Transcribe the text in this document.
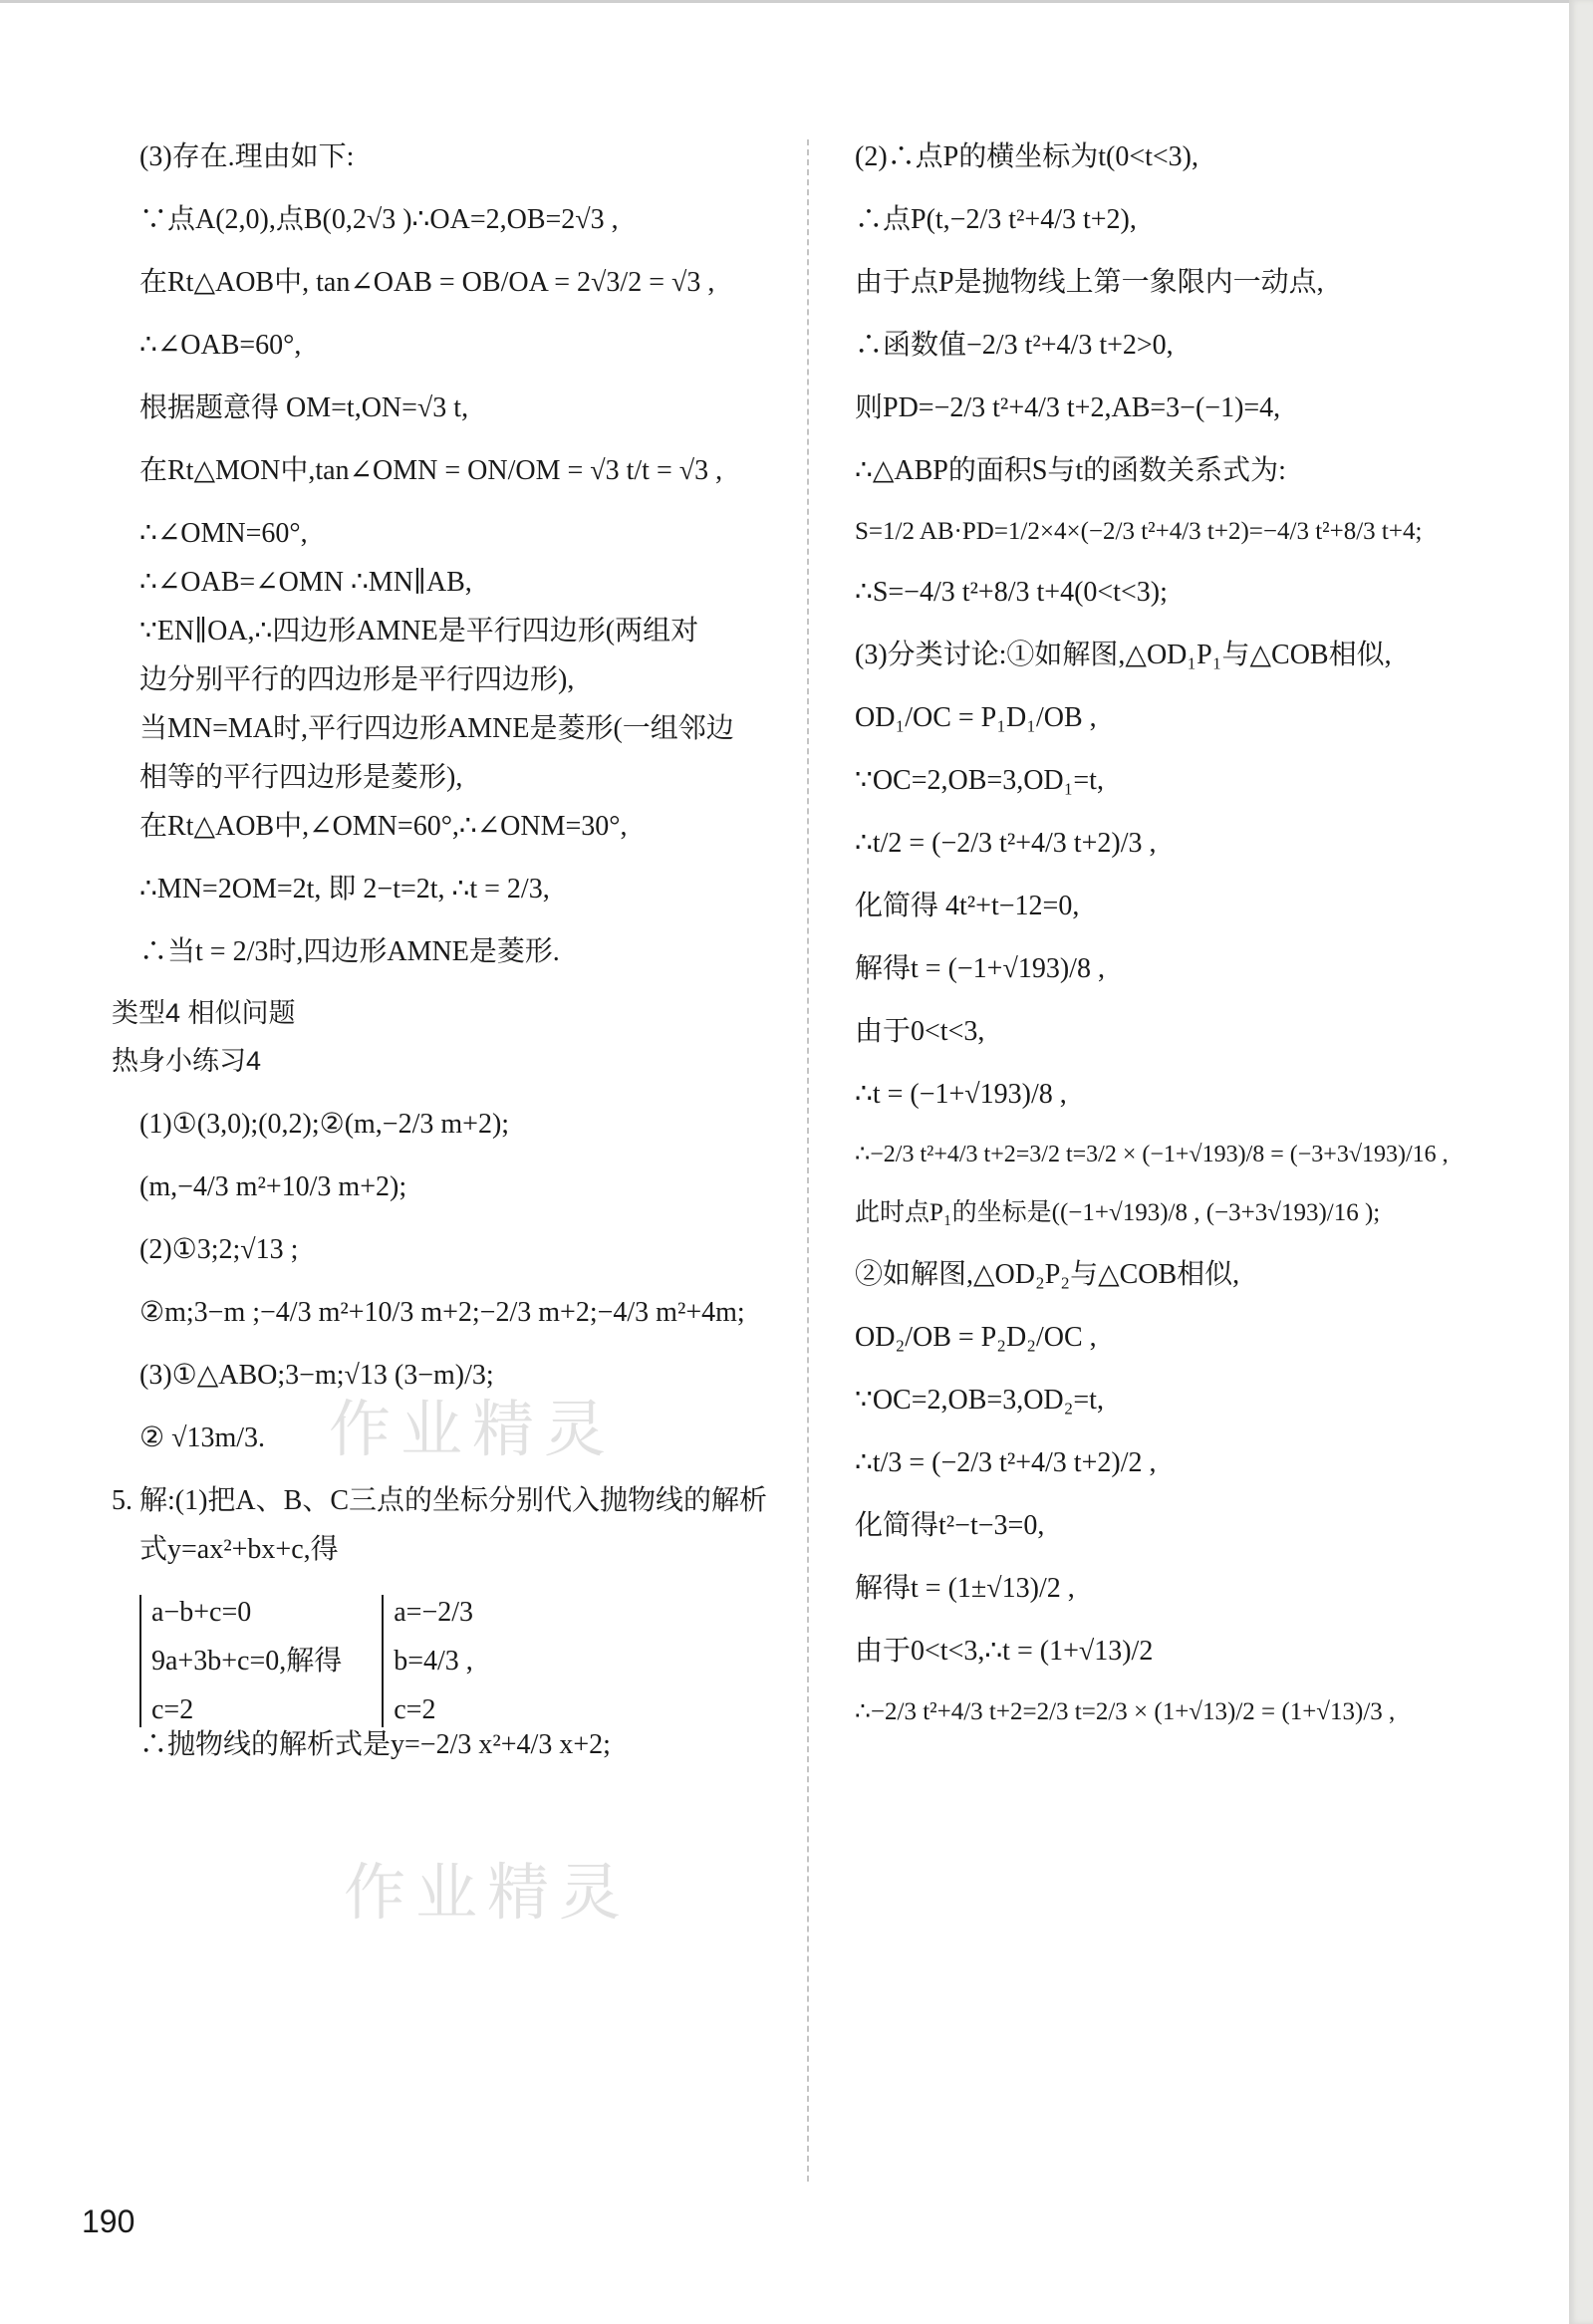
作业精灵
作业精灵
(3)存在.理由如下:
∵点A(2,0),点B(0,2√3 )∴OA=2,OB=2√3 ,
在Rt△AOB中, tan∠OAB = OB/OA = 2√3/2 = √3 ,
∴∠OAB=60°,
根据题意得 OM=t,ON=√3 t,
在Rt△MON中,tan∠OMN = ON/OM = √3 t/t = √3 ,
∴∠OMN=60°,
∴∠OAB=∠OMN ∴MN∥AB,
∵EN∥OA,∴四边形AMNE是平行四边形(两组对
边分别平行的四边形是平行四边形),
当MN=MA时,平行四边形AMNE是菱形(一组邻边
相等的平行四边形是菱形),
在Rt△AOB中,∠OMN=60°,∴∠ONM=30°,
∴MN=2OM=2t, 即 2−t=2t, ∴t = 2/3,
∴当t = 2/3时,四边形AMNE是菱形.
类型4 相似问题
热身小练习4
(1)①(3,0);(0,2);②(m,−2/3 m+2);
(m,−4/3 m²+10/3 m+2);
(2)①3;2;√13 ;
②m;3−m ;−4/3 m²+10/3 m+2;−2/3 m+2;−4/3 m²+4m;
(3)①△ABO;3−m;√13 (3−m)/3;
② √13m/3.
5. 解:(1)把A、B、C三点的坐标分别代入抛物线的解析
式y=ax²+bx+c,得
a−b+c=0
9a+3b+c=0,解得
c=2
a=−2/3
b=4/3 ,
c=2
∴抛物线的解析式是y=−2/3 x²+4/3 x+2;
(2)∴点P的横坐标为t(0<t<3),
∴点P(t,−2/3 t²+4/3 t+2),
由于点P是抛物线上第一象限内一动点,
∴函数值−2/3 t²+4/3 t+2>0,
则PD=−2/3 t²+4/3 t+2,AB=3−(−1)=4,
∴△ABP的面积S与t的函数关系式为:
S=1/2 AB·PD=1/2×4×(−2/3 t²+4/3 t+2)=−4/3 t²+8/3 t+4;
∴S=−4/3 t²+8/3 t+4(0<t<3);
(3)分类讨论:①如解图,△OD₁P₁与△COB相似,
OD₁/OC = P₁D₁/OB ,
∵OC=2,OB=3,OD₁=t,
∴t/2 = (−2/3 t²+4/3 t+2)/3 ,
化简得 4t²+t−12=0,
解得t = (−1+√193)/8 ,
由于0<t<3,
∴t = (−1+√193)/8 ,
∴−2/3 t²+4/3 t+2=3/2 t=3/2 × (−1+√193)/8 = (−3+3√193)/16 ,
此时点P₁的坐标是((−1+√193)/8 , (−3+3√193)/16 );
②如解图,△OD₂P₂与△COB相似,
OD₂/OB = P₂D₂/OC ,
∵OC=2,OB=3,OD₂=t,
∴t/3 = (−2/3 t²+4/3 t+2)/2 ,
化简得t²−t−3=0,
解得t = (1±√13)/2 ,
由于0<t<3,∴t = (1+√13)/2
∴−2/3 t²+4/3 t+2=2/3 t=2/3 × (1+√13)/2 = (1+√13)/3 ,
190
